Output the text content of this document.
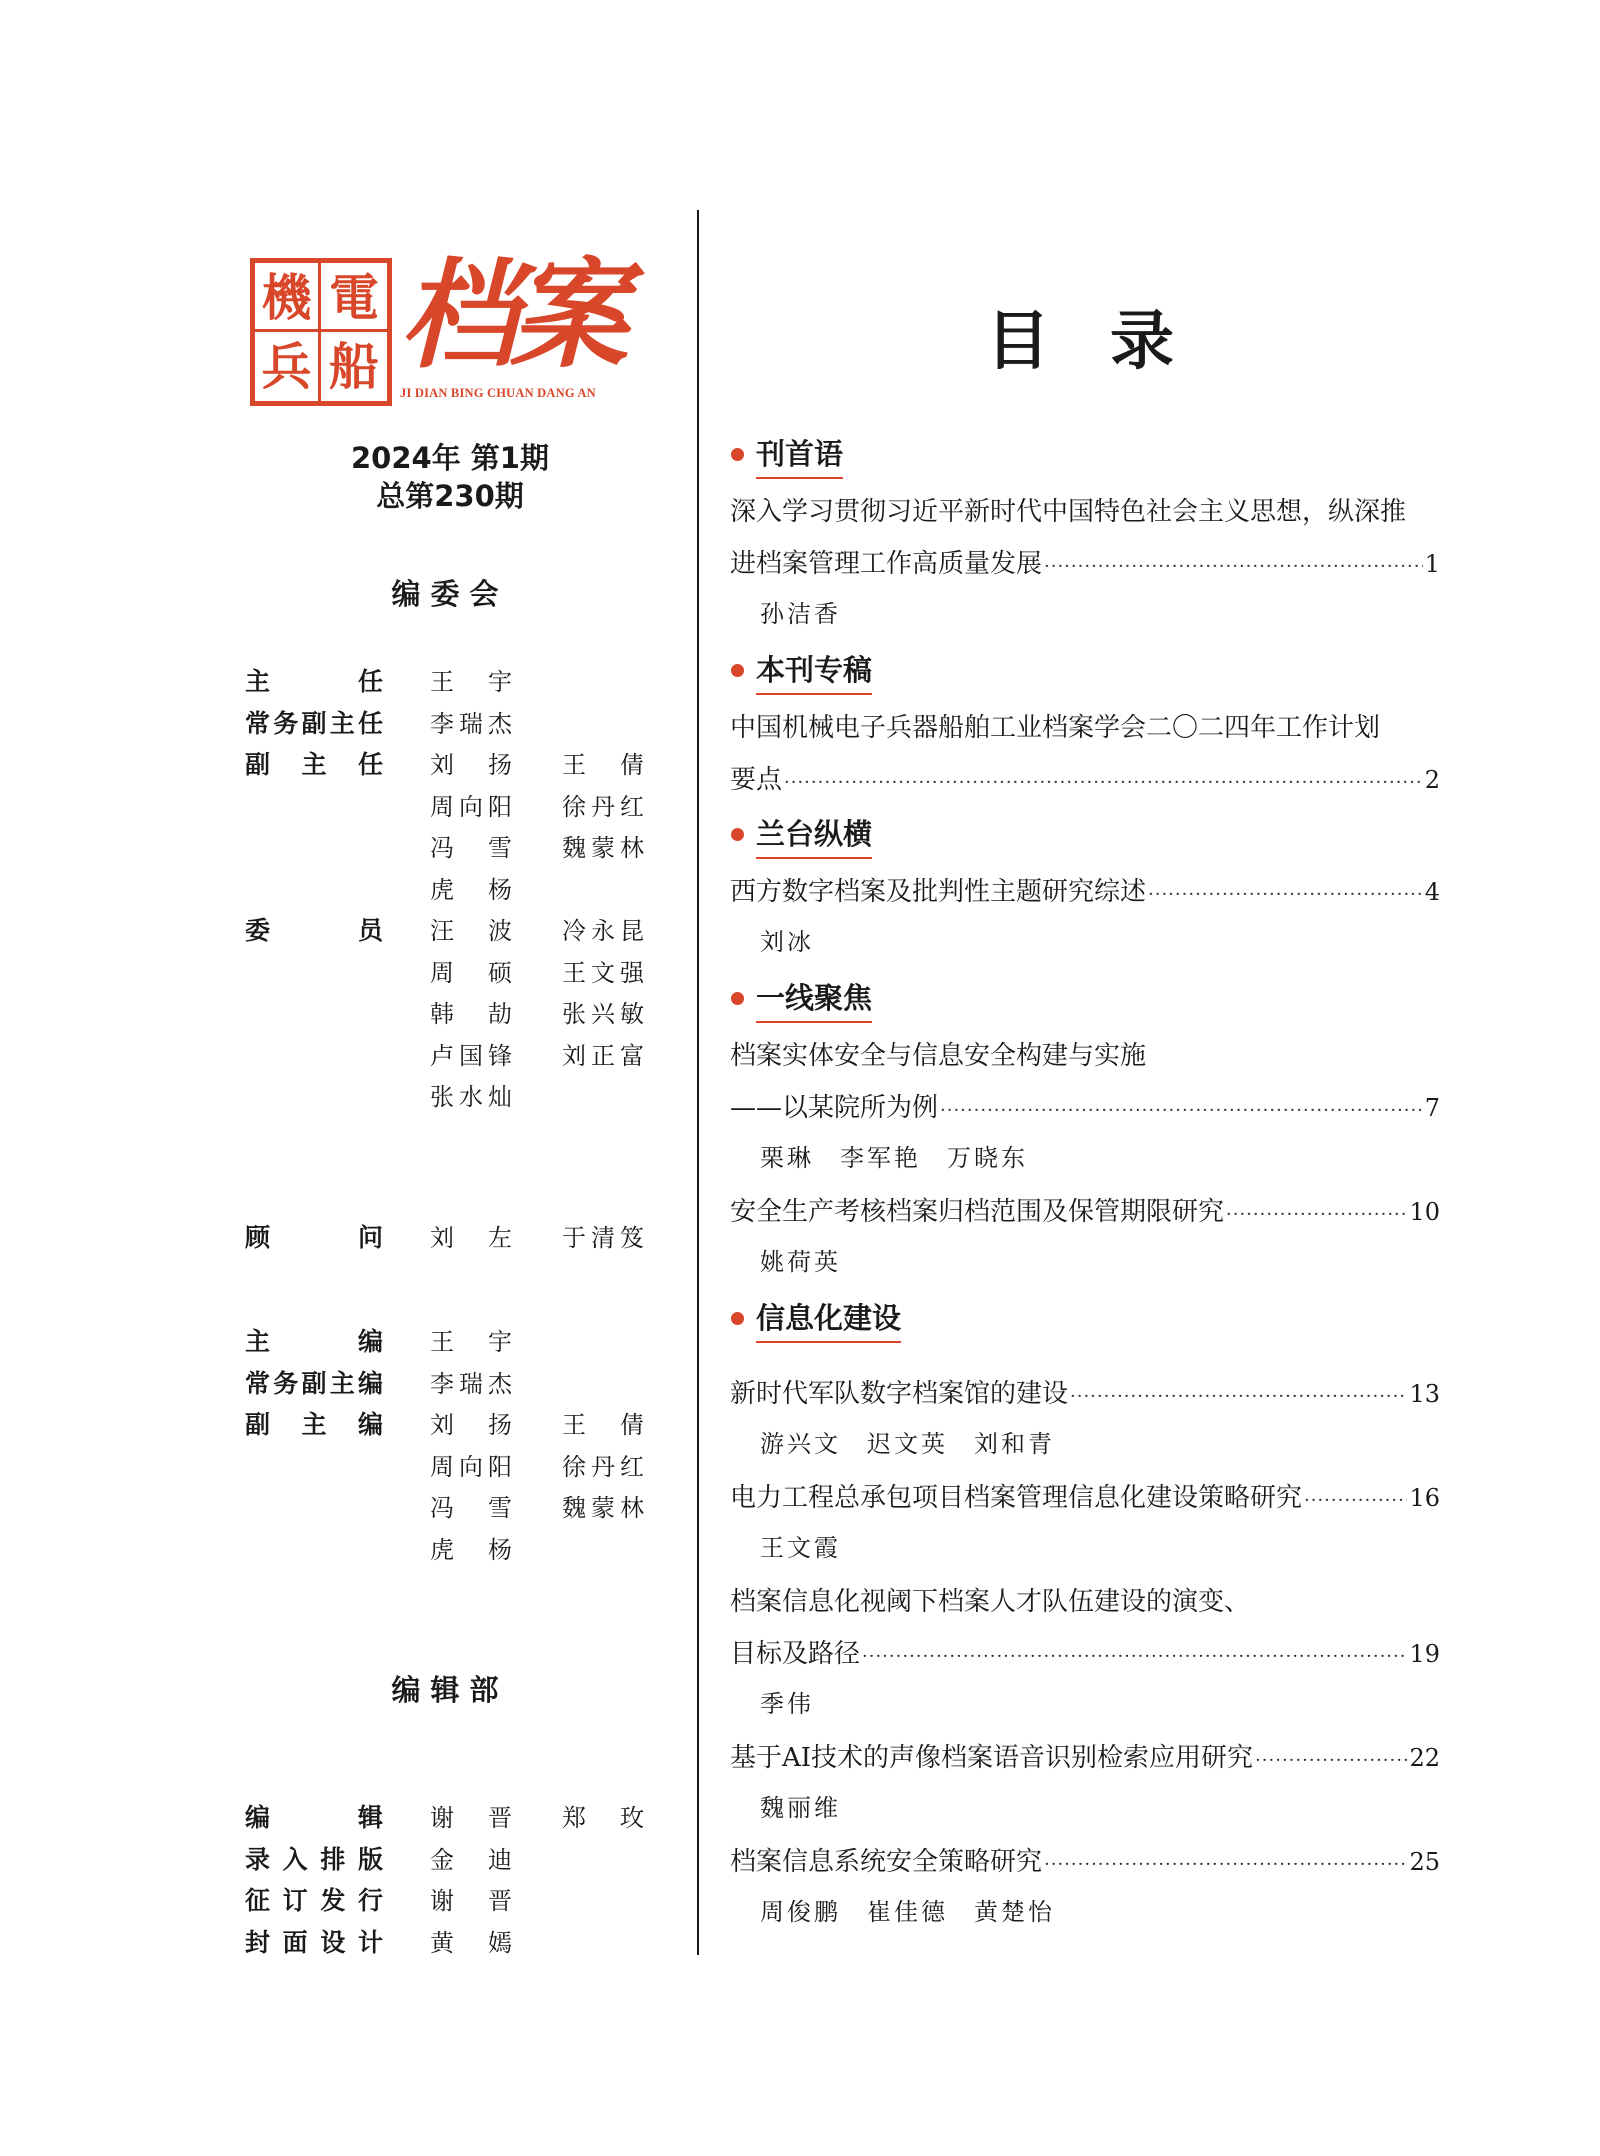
機 電
兵 船 档案
JI DIAN BING CHUAN DANG AN
2024年 第1期
总第230期
编委会
主任 王宇
常务副主任 李瑞杰
副主任 刘扬 王倩
周向阳 徐丹红
冯雪 魏蒙林
虎杨
委员 汪波 冷永昆
周硕 王文强
韩劼 张兴敏
卢国锋 刘正富
张水灿
顾问 刘左 于清笈
主编 王宇
常务副主编 李瑞杰
副主编 刘扬 王倩
周向阳 徐丹红
冯雪 魏蒙林
虎杨
编辑部
编辑 谢晋 郑玫
录入排版 金迪
征订发行 谢晋
封面设计 黄嫣
目录
刊首语
深入学习贯彻习近平新时代中国特色社会主义思想，纵深推
进档案管理工作高质量发展 ·····	1
孙洁香
本刊专稿
中国机械电子兵器船舶工业档案学会二〇二四年工作计划
要点 ·····	2
兰台纵横
西方数字档案及批判性主题研究综述 ·····	4
刘冰
一线聚焦
档案实体安全与信息安全构建与实施
——以某院所为例 ·····	7
栗琳 李军艳 万晓东
安全生产考核档案归档范围及保管期限研究 ·····	10
姚荷英
信息化建设
新时代军队数字档案馆的建设 ·····	13
游兴文 迟文英 刘和青
电力工程总承包项目档案管理信息化建设策略研究 ·····	16
王文霞
档案信息化视阈下档案人才队伍建设的演变、
目标及路径 ·····	19
季伟
基于AI技术的声像档案语音识别检索应用研究 ·····	22
魏丽维
档案信息系统安全策略研究 ·····	25
周俊鹏 崔佳德 黄楚怡
